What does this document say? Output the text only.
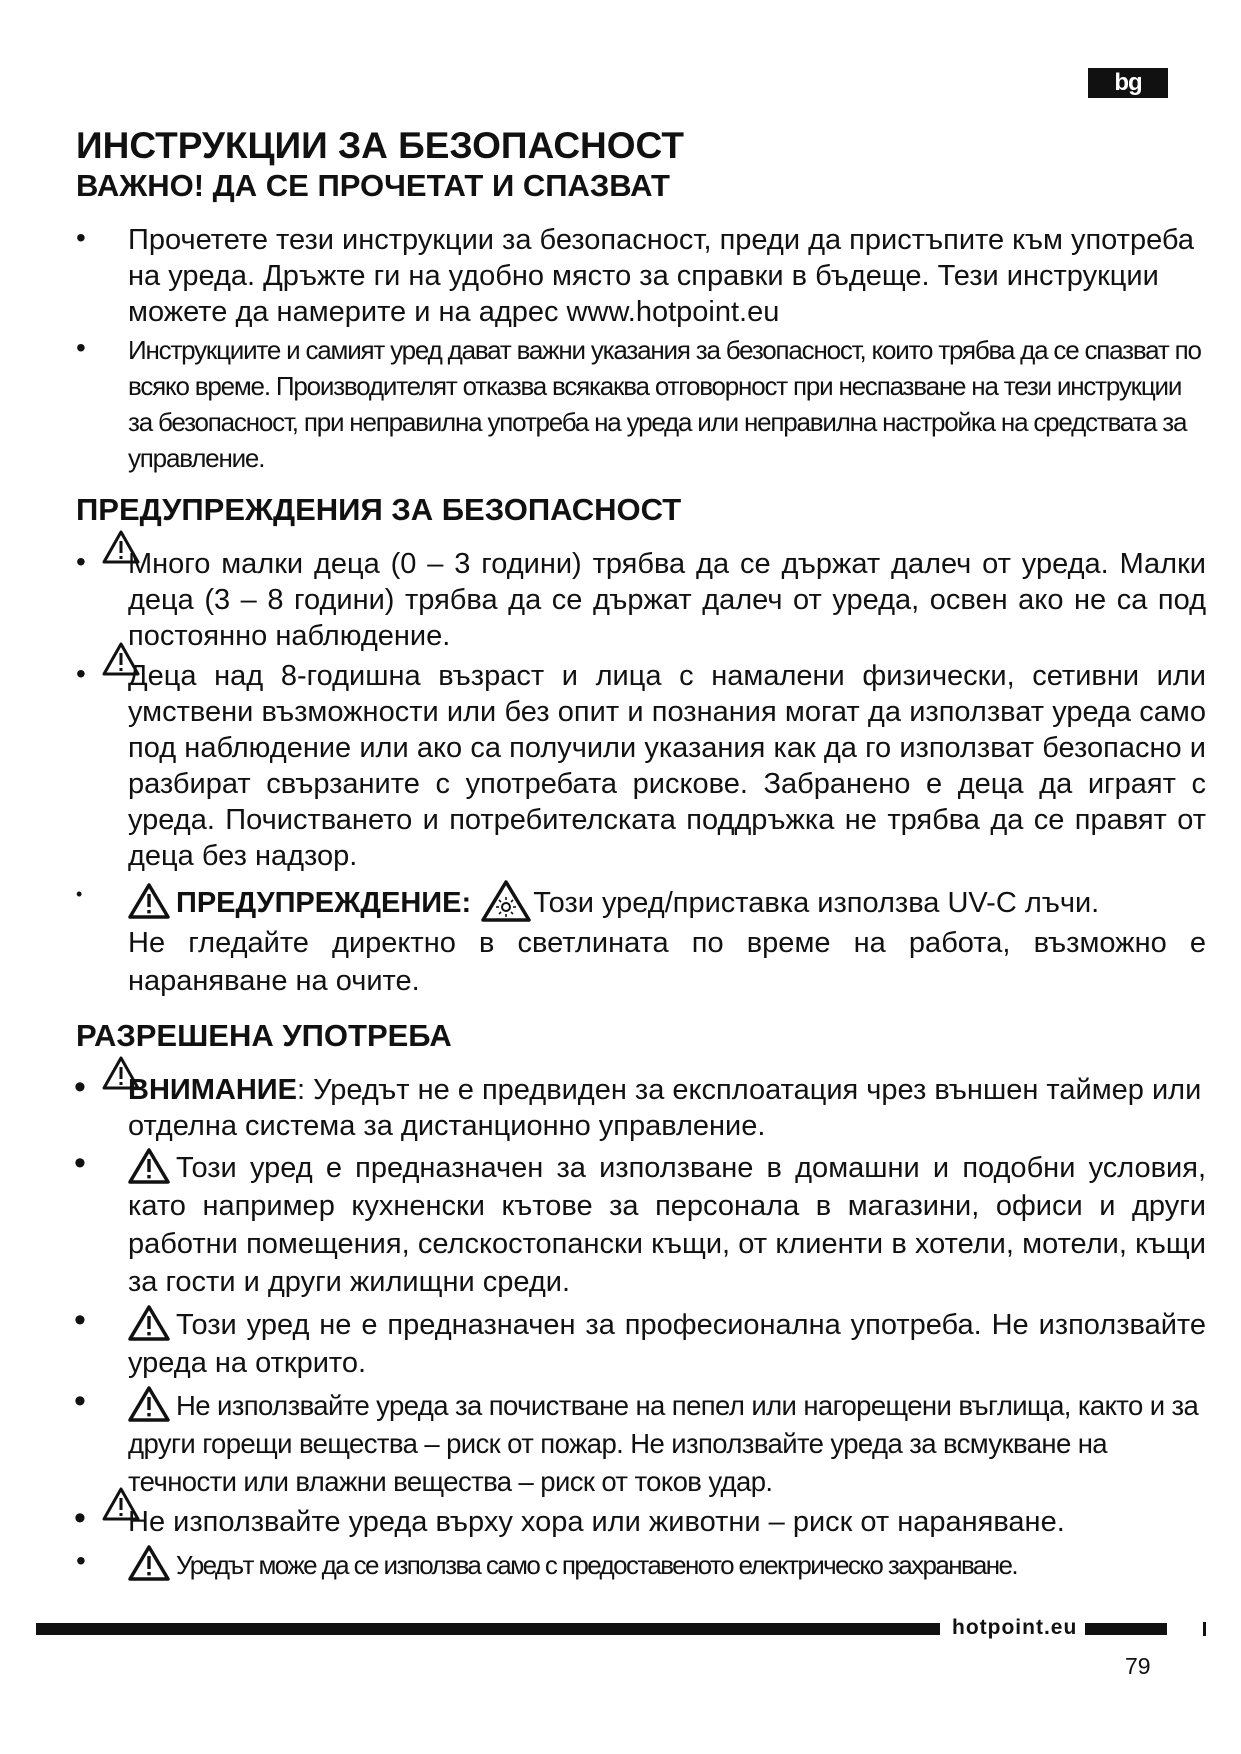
bg
ИНСТРУКЦИИ ЗА БЕЗОПАСНОСТ
ВАЖНО! ДА СЕ ПРОЧЕТАТ И СПАЗВАТ
• Прочетете тези инструкции за безопасност, преди да пристъпите към употреба на уреда. Дръжте ги на удобно място за справки в бъдеще. Тези инструкции можете да намерите и на адрес www.hotpoint.eu
• Инструкциите и самият уред дават важни указания за безопасност, които трябва да се спазват по всяко време. Производителят отказва всякаква отговорност при неспазване на тези инструкции за безопасност, при неправилна употреба на уреда или неправилна настройка на средствата за управление.
ПРЕДУПРЕЖДЕНИЯ ЗА БЕЗОПАСНОСТ
• Много малки деца (0 – 3 години) трябва да се държат далеч от уреда. Малки деца (3 – 8 години) трябва да се държат далеч от уреда, освен ако не са под постоянно наблюдение.
• Деца над 8-годишна възраст и лица с намалени физически, сетивни или умствени възможности или без опит и познания могат да използват уреда само под наблюдение или ако са получили указания как да го използват безопасно и разбират свързаните с употребата рискове. Забранено е деца да играят с уреда. Почистването и потребителската поддръжка не трябва да се правят от деца без надзор.
•	ПРЕДУПРЕЖДЕНИЕ: Този уред/приставка използва UV-C лъчи.
Не гледайте директно в светлината по време на работа, възможно е нараняване на очите.
РАЗРЕШЕНА УПОТРЕБА
• ВНИМАНИЕ: Уредът не е предвиден за експлоатация чрез външен таймер или отделна система за дистанционно управление.
•	Този уред е предназначен за използване в домашни и подобни условия, като например кухненски кътове за персонала в магазини, офиси и други работни помещения, селскостопански къщи, от клиенти в хотели, мотели, къщи за гости и други жилищни среди.
•	Този уред не е предназначен за професионална употреба. Не използвайте уреда на открито.
•	Не използвайте уреда за почистване на пепел или нагорещени въглища, както и за други горещи вещества – риск от пожар. Не използвайте уреда за всмукване на течности или влажни вещества – риск от токов удар.
• Не използвайте уреда върху хора или животни – риск от нараняване.
•	Уредът може да се използва само с предоставеното електрическо захранване.
hotpoint.eu
79
